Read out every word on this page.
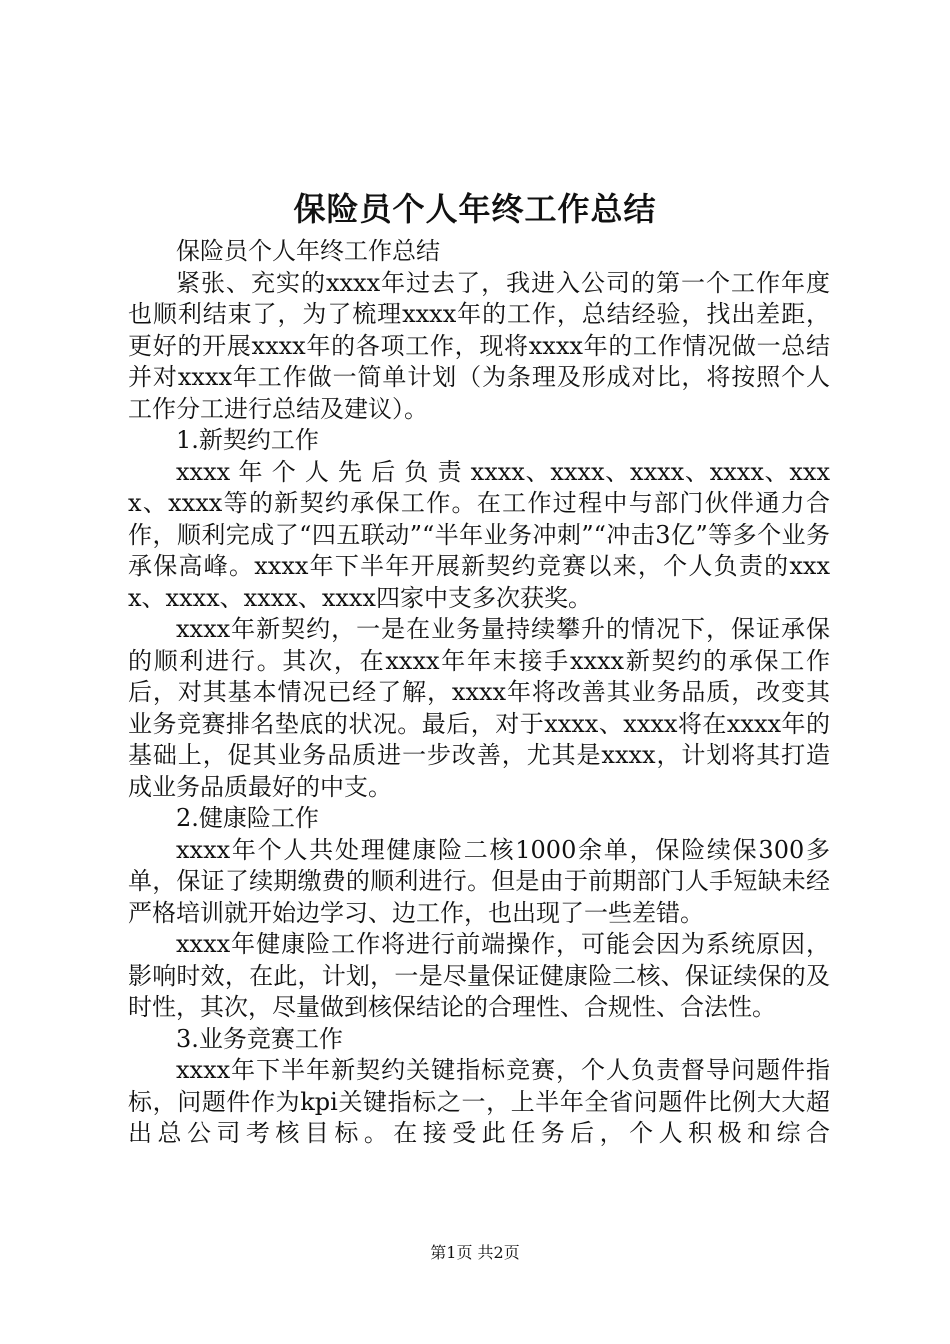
保险员个人年终工作总结

保险员个人年终工作总结

紧张、充实的xxxx年过去了，我进入公司的第一个工作年度也顺利结束了，为了梳理xxxx年的工作，总结经验，找出差距，更好的开展xxxx年的各项工作，现将xxxx年的工作情况做一总结并对xxxx年工作做一简单计划（为条理及形成对比，将按照个人工作分工进行总结及建议）。

1.新契约工作

xxxx 年 个 人 先 后 负 责 xxxx、xxxx、xxxx、xxxx、xxxx、xxxx等的新契约承保工作。在工作过程中与部门伙伴通力合作，顺利完成了“四五联动”“半年业务冲刺”“冲击3亿”等多个业务承保高峰。xxxx年下半年开展新契约竞赛以来，个人负责的xxxx、xxxx、xxxx、xxxx四家中支多次获奖。

xxxx年新契约，一是在业务量持续攀升的情况下，保证承保的顺利进行。其次，在xxxx年年末接手xxxx新契约的承保工作后，对其基本情况已经了解，xxxx年将改善其业务品质，改变其业务竞赛排名垫底的状况。最后，对于xxxx、xxxx将在xxxx年的基础上，促其业务品质进一步改善，尤其是xxxx，计划将其打造成业务品质最好的中支。

2.健康险工作

xxxx年个人共处理健康险二核1000余单，保险续保300多单，保证了续期缴费的顺利进行。但是由于前期部门人手短缺未经严格培训就开始边学习、边工作，也出现了一些差错。

xxxx年健康险工作将进行前端操作，可能会因为系统原因，影响时效，在此，计划，一是尽量保证健康险二核、保证续保的及时性，其次，尽量做到核保结论的合理性、合规性、合法性。

3.业务竞赛工作

xxxx年下半年新契约关键指标竞赛，个人负责督导问题件指标，问题件作为kpi关键指标之一，上半年全省问题件比例大大超出总公司考核目标。在接受此任务后，个人积极和综合

第1页 共2页
